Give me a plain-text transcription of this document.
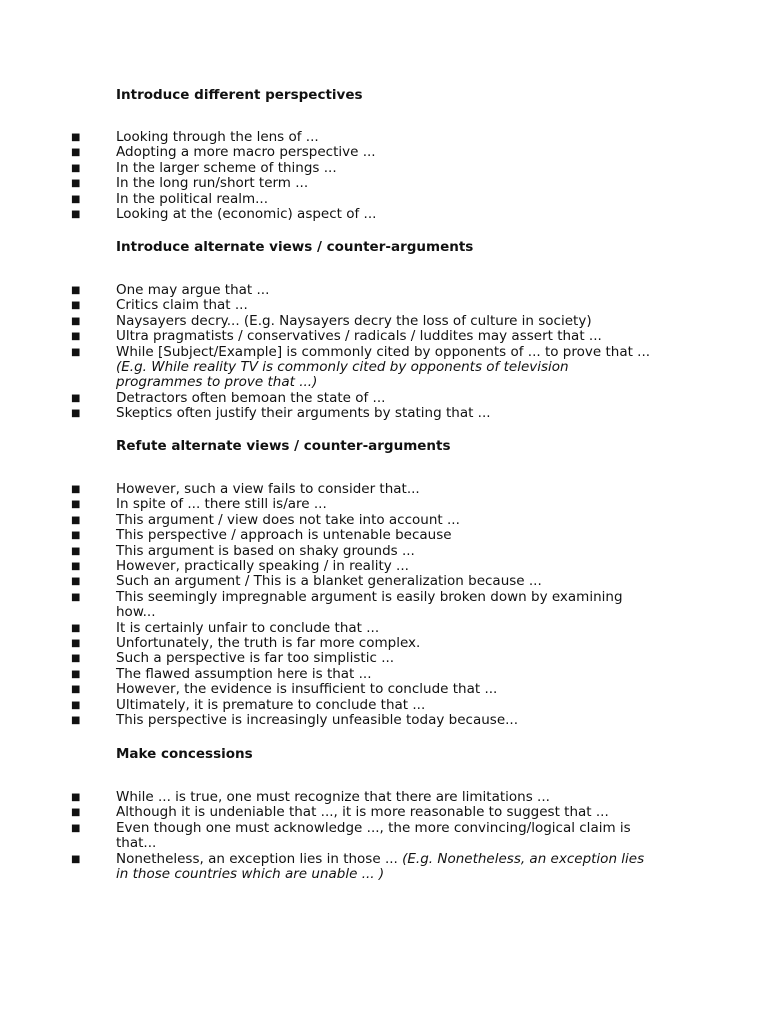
Introduce different perspectives
■	Looking through the lens of ...
■	Adopting a more macro perspective ...
■	In the larger scheme of things ...
■	In the long run/short term ...
■	In the political realm...
■	Looking at the (economic) aspect of ...
Introduce alternate views / counter-arguments
■	One may argue that ...
■	Critics claim that ...
■	Naysayers decry... (E.g. Naysayers decry the loss of culture in society)
■	Ultra pragmatists / conservatives / radicals / luddites may assert that ...
■	While [Subject/Example] is commonly cited by opponents of ... to prove that ... (E.g. While reality TV is commonly cited by opponents of television programmes to prove that ...)
■	Detractors often bemoan the state of ...
■	Skeptics often justify their arguments by stating that ...
Refute alternate views / counter-arguments
■	However, such a view fails to consider that...
■	In spite of ... there still is/are ...
■	This argument / view does not take into account ...
■	This perspective / approach is untenable because
■	This argument is based on shaky grounds ...
■	However, practically speaking / in reality ...
■	Such an argument / This is a blanket generalization because ...
■	This seemingly impregnable argument is easily broken down by examining how...
■	It is certainly unfair to conclude that ...
■	Unfortunately, the truth is far more complex.
■	Such a perspective is far too simplistic ...
■	The flawed assumption here is that ...
■	However, the evidence is insufficient to conclude that ...
■	Ultimately, it is premature to conclude that ...
■	This perspective is increasingly unfeasible today because...
Make concessions
■	While ... is true, one must recognize that there are limitations ...
■	Although it is undeniable that ..., it is more reasonable to suggest that ...
■	Even though one must acknowledge ..., the more convincing/logical claim is that...
■	Nonetheless, an exception lies in those ... (E.g. Nonetheless, an exception lies in those countries which are unable ... )
